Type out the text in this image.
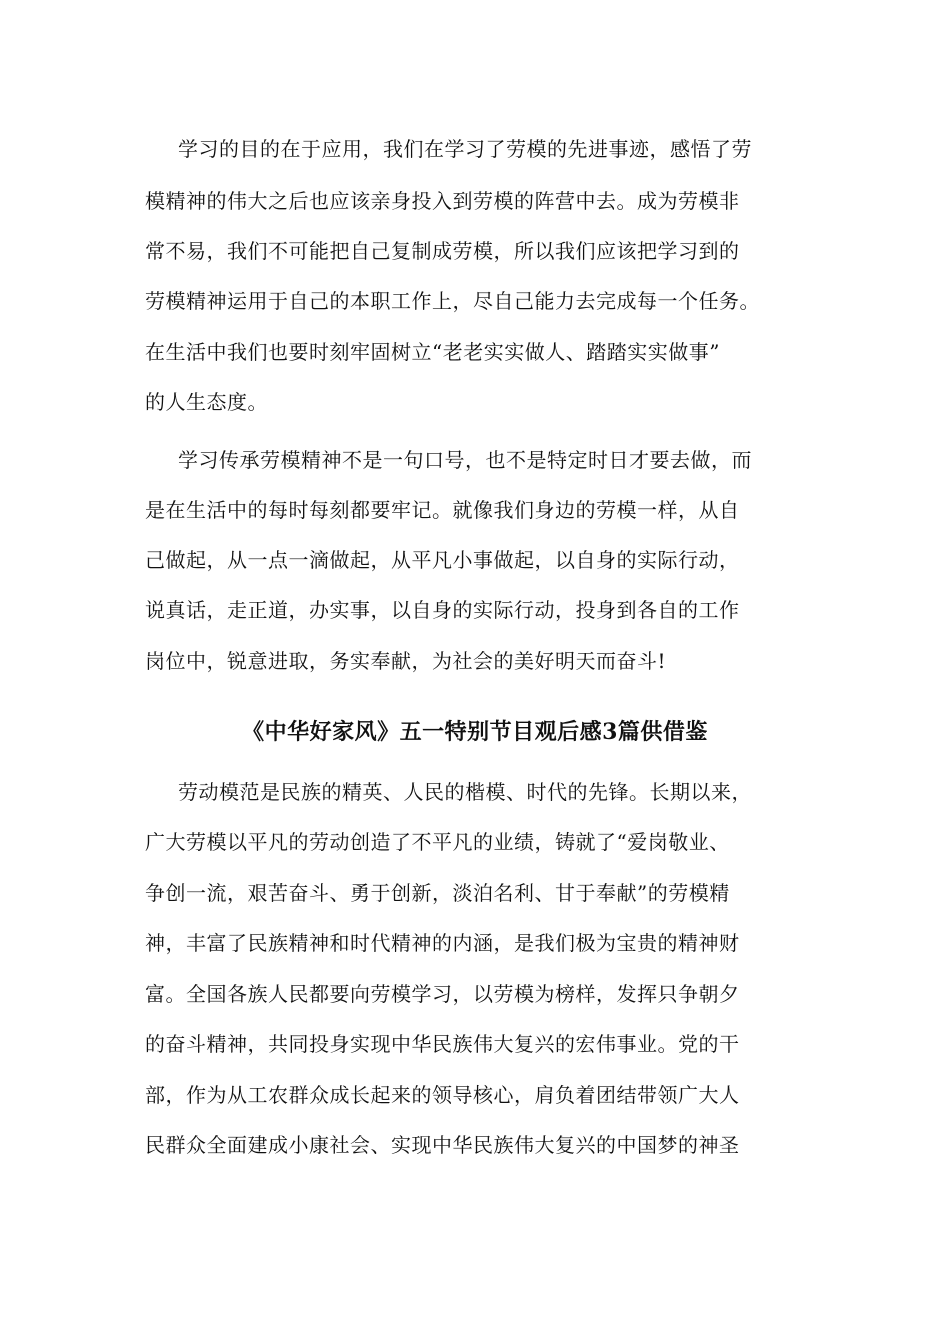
学习的目的在于应用，我们在学习了劳模的先进事迹，感悟了劳
模精神的伟大之后也应该亲身投入到劳模的阵营中去。成为劳模非
常不易，我们不可能把自己复制成劳模，所以我们应该把学习到的
劳模精神运用于自己的本职工作上，尽自己能力去完成每一个任务。
在生活中我们也要时刻牢固树立“老老实实做人、踏踏实实做事”
的人生态度。
学习传承劳模精神不是一句口号，也不是特定时日才要去做，而
是在生活中的每时每刻都要牢记。就像我们身边的劳模一样，从自
己做起，从一点一滴做起，从平凡小事做起，以自身的实际行动，
说真话，走正道，办实事，以自身的实际行动，投身到各自的工作
岗位中，锐意进取，务实奉献，为社会的美好明天而奋斗!
《中华好家风》五一特别节目观后感3篇供借鉴
劳动模范是民族的精英、人民的楷模、时代的先锋。长期以来，
广大劳模以平凡的劳动创造了不平凡的业绩，铸就了“爱岗敬业、
争创一流，艰苦奋斗、勇于创新，淡泊名利、甘于奉献”的劳模精
神，丰富了民族精神和时代精神的内涵，是我们极为宝贵的精神财
富。全国各族人民都要向劳模学习，以劳模为榜样，发挥只争朝夕
的奋斗精神，共同投身实现中华民族伟大复兴的宏伟事业。党的干
部，作为从工农群众成长起来的领导核心，肩负着团结带领广大人
民群众全面建成小康社会、实现中华民族伟大复兴的中国梦的神圣
